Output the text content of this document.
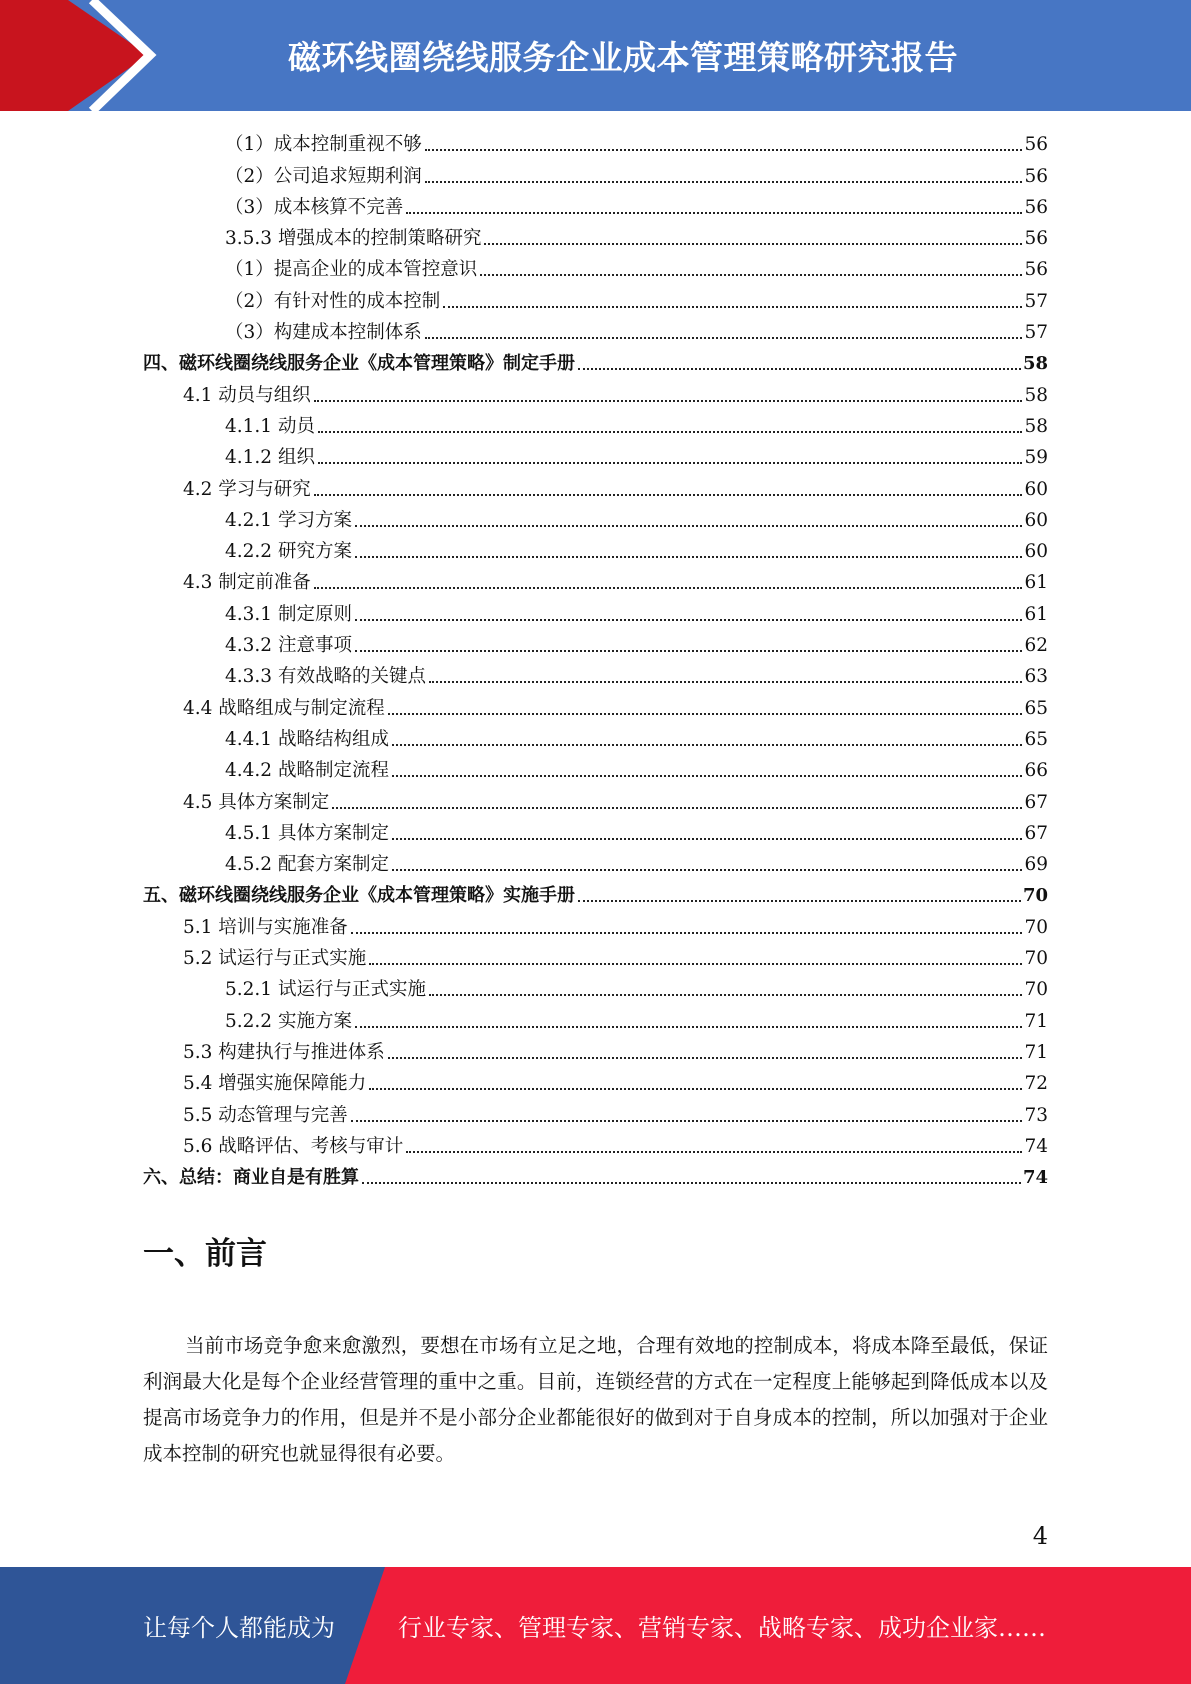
磁环线圈绕线服务企业成本管理策略研究报告
（1）成本控制重视不够	56
（2）公司追求短期利润	56
（3）成本核算不完善	56
3.5.3 增强成本的控制策略研究	56
（1）提高企业的成本管控意识	56
（2）有针对性的成本控制	57
（3）构建成本控制体系	57
四、磁环线圈绕线服务企业《成本管理策略》制定手册	58
4.1 动员与组织	58
4.1.1 动员	58
4.1.2 组织	59
4.2 学习与研究	60
4.2.1 学习方案	60
4.2.2 研究方案	60
4.3 制定前准备	61
4.3.1 制定原则	61
4.3.2 注意事项	62
4.3.3 有效战略的关键点	63
4.4 战略组成与制定流程	65
4.4.1 战略结构组成	65
4.4.2 战略制定流程	66
4.5 具体方案制定	67
4.5.1 具体方案制定	67
4.5.2 配套方案制定	69
五、磁环线圈绕线服务企业《成本管理策略》实施手册	70
5.1 培训与实施准备	70
5.2 试运行与正式实施	70
5.2.1 试运行与正式实施	70
5.2.2 实施方案	71
5.3 构建执行与推进体系	71
5.4 增强实施保障能力	72
5.5 动态管理与完善	73
5.6 战略评估、考核与审计	74
六、总结：商业自是有胜算	74
一、前言
当前市场竞争愈来愈激烈，要想在市场有立足之地，合理有效地的控制成本，将成本降至最低，保证利润最大化是每个企业经营管理的重中之重。目前，连锁经营的方式在一定程度上能够起到降低成本以及提高市场竞争力的作用，但是并不是小部分企业都能很好的做到对于自身成本的控制，所以加强对于企业成本控制的研究也就显得很有必要。
4
让每个人都能成为	行业专家、管理专家、营销专家、战略专家、成功企业家……
